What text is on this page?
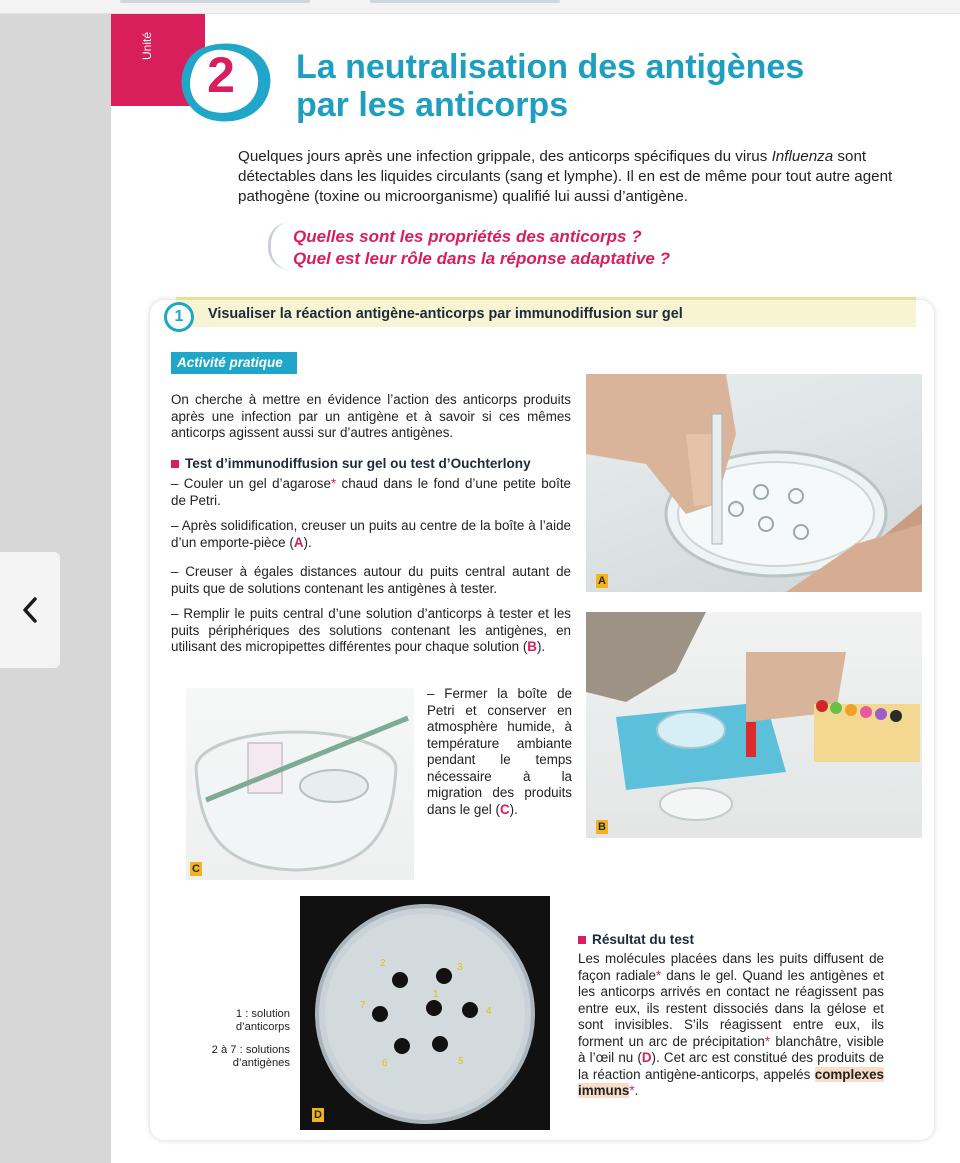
Unité
2	La neutralisation des antigènes
par les anticorps
Quelques jours après une infection grippale, des anticorps spécifiques du virus Influenza sont détectables dans les liquides circulants (sang et lymphe). Il en est de même pour tout autre agent pathogène (toxine ou microorganisme) qualifié lui aussi d’antigène.
Quelles sont les propriétés des anticorps ?
Quel est leur rôle dans la réponse adaptative ?
1	Visualiser la réaction antigène-anticorps par immunodiffusion sur gel
Activité pratique
On cherche à mettre en évidence l’action des anticorps produits après une infection par un antigène et à savoir si ces mêmes anticorps agissent aussi sur d’autres antigènes.
Test d’immunodiffusion sur gel ou test d’Ouchterlony
– Couler un gel d’agarose* chaud dans le fond d’une petite boîte de Petri.
– Après solidification, creuser un puits au centre de la boîte à l’aide d’un emporte-pièce (A).
– Creuser à égales distances autour du puits central autant de puits que de solutions contenant les antigènes à tester.
– Remplir le puits central d’une solution d’anticorps à tester et les puits périphériques des solutions contenant les antigènes, en utilisant des micropipettes différentes pour chaque solution (B).
– Fermer la boîte de Petri et conserver en atmosphère humide, à température ambiante pendant le temps nécessaire à la migration des produits dans le gel (C).
A
B
C
1
2	3
4
5
6
7
D
1 : solution d’anticorps
2 à 7 : solutions d’antigènes
Résultat du test
Les molécules placées dans les puits diffusent de façon radiale* dans le gel. Quand les antigènes et les anticorps arrivés en contact ne réagissent pas entre eux, ils restent dissociés dans la gélose et sont invisibles. S’ils réagissent entre eux, ils forment un arc de précipitation* blanchâtre, visible à l’œil nu (D). Cet arc est constitué des produits de la réaction antigène-anticorps, appelés complexes immuns*.
